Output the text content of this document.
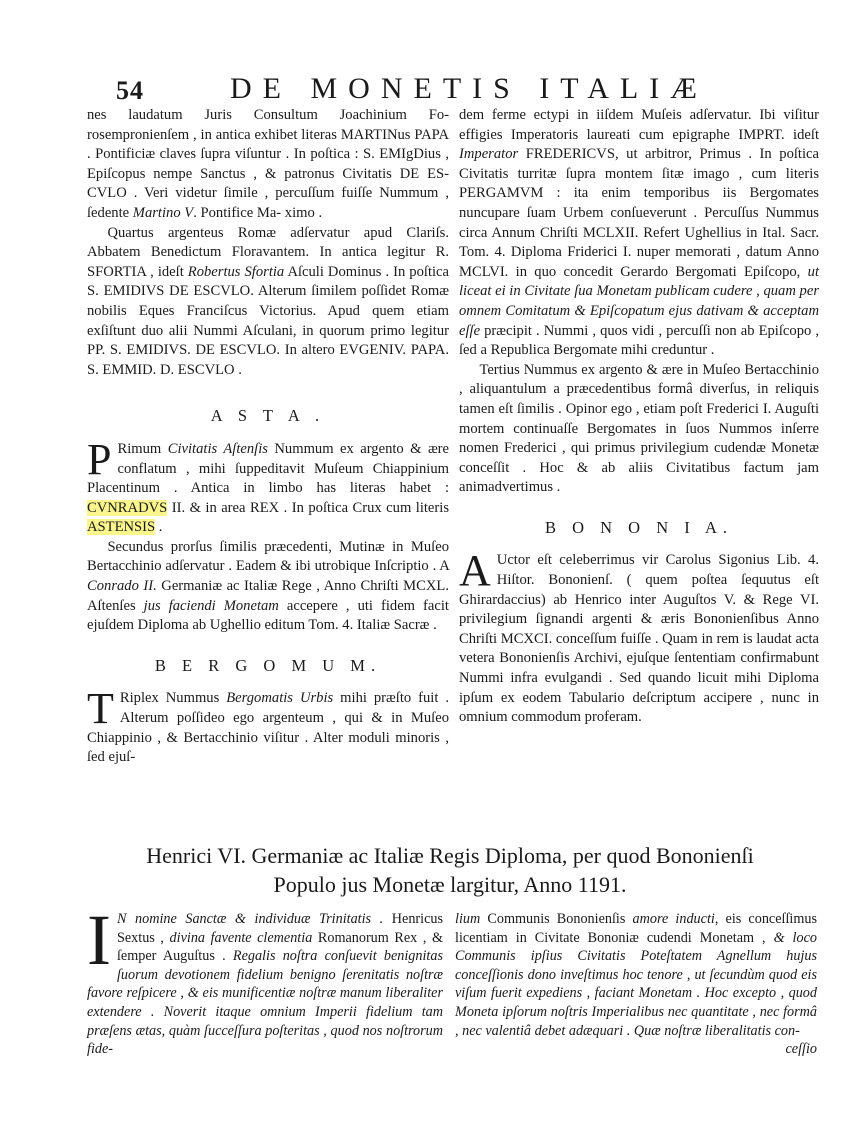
54	DE MONETIS ITALIÆ

nes laudatum Juris Consultum Joachinium Fo- rosempronienſem , in antica exhibet literas MARTINus PAPA . Pontificiæ claves ſupra viſuntur . In poſtica : S. EMIgDius , Epiſcopus nempe Sanctus , & patronus Civitatis DE ES-CVLO . Veri videtur ſimile , percuſſum fuiſſe Nummum , ſedente Martino V. Pontifice Ma- ximo .

Quartus argenteus Romæ adſervatur apud Clariſs. Abbatem Benedictum Floravantem. In antica legitur R. SFORTIA , ideſt Robertus Sfortia Aſculi Dominus . In poſtica S. EMIDIVS DE ESCVLO. Alterum ſimilem poſſidet Romæ nobilis Eques Franciſcus Victorius. Apud quem etiam exſiſtunt duo alii Nummi Aſculani, in quorum primo legitur PP. S. EMIDIVS. DE ESCVLO. In altero EVGENIV. PAPA. S. EMMID. D. ESCVLO .

A S T A .

P Rimum Civitatis Aſtenſis Nummum ex argento & ære conflatum , mihi ſuppeditavit Muſeum Chiappinium Placentinum . Antica in limbo has literas habet : CVNRADVS II. & in area REX . In poſtica Crux cum literis ASTENSIS .

Secundus prorſus ſimilis præcedenti, Mutinæ in Muſeo Bertacchinio adſervatur . Eadem & ibi utrobique Inſcriptio . A Conrado II. Germaniæ ac Italiæ Rege , Anno Chriſti MCXL. Aſtenſes jus faciendi Monetam accepere , uti fidem facit ejuſdem Diploma ab Ughellio editum Tom. 4. Italiæ Sacræ .

B E R G O M U M.

T Riplex Nummus Bergomatis Urbis mihi præſto fuit . Alterum poſſideo ego argenteum , qui & in Muſeo Chiappinio , & Bertacchinio viſitur . Alter moduli minoris , ſed ejuſ-

dem ferme ectypi in iiſdem Muſeis adſervatur. Ibi viſitur effigies Imperatoris laureati cum epigraphe IMPRT. ideſt Imperator FREDERICVS, ut arbitror, Primus . In poſtica Civitatis turritæ ſupra montem ſitæ imago , cum literis PERGAMVM : ita enim temporibus iis Bergomates nuncupare ſuam Urbem conſueverunt . Percuſſus Nummus circa Annum Chriſti MCLXII. Refert Ughellius in Ital. Sacr. Tom. 4. Diploma Friderici I. nuper memorati , datum Anno MCLVI. in quo concedit Gerardo Bergomati Epiſcopo, ut liceat ei in Civitate ſua Monetam publicam cudere , quam per omnem Comitatum & Epiſcopatum ejus dativam & acceptam eſſe præcipit . Nummi , quos vidi , percuſſi non ab Epiſcopo , ſed a Republica Bergomate mihi creduntur .

Tertius Nummus ex argento & ære in Muſeo Bertacchinio , aliquantulum a præcedentibus formâ diverſus, in reliquis tamen eſt ſimilis . Opinor ego , etiam poſt Frederici I. Auguſti mortem continuaſſe Bergomates in ſuos Nummos inſerre nomen Frederici , qui primus privilegium cudendæ Monetæ conceſſit . Hoc & ab aliis Civitatibus factum jam animadvertimus .

B O N O N I A.

A Uctor eſt celeberrimus vir Carolus Sigonius Lib. 4. Hiſtor. Bononienſ. ( quem poſtea ſequutus eſt Ghirardaccius) ab Henrico inter Auguſtos V. & Rege VI. privilegium ſignandi argenti & æris Bononienſibus Anno Chriſti MCXCI. conceſſum fuiſſe . Quam in rem is laudat acta vetera Bononienſis Archivi, ejuſque ſententiam confirmabunt Nummi infra evulgandi . Sed quando licuit mihi Diploma ipſum ex eodem Tabulario deſcriptum accipere , nunc in omnium commodum proferam.

Henrici VI. Germaniæ ac Italiæ Regis Diploma, per quod Bononienſi
Populo jus Monetæ largitur, Anno 1191.

I N nomine Sanctæ & individuæ Trinitatis . Henricus Sextus , divina favente clementia Romanorum Rex , & ſemper Auguſtus . Regalis noſtra conſuevit benignitas ſuorum devotionem fidelium benigno ſerenitatis noſtræ favore reſpicere , & eis munificentiæ noſtræ manum liberaliter extendere . Noverit itaque omnium Imperii fidelium tam præſens ætas, quàm ſucceſſura poſteritas , quod nos noſtrorum fide-

lium Communis Bononienſis amore inducti, eis conceſſimus licentiam in Civitate Bononiæ cudendi Monetam , & loco Communis ipſius Civitatis Poteſtatem Agnellum hujus conceſſionis dono inveſtimus hoc tenore , ut ſecundùm quod eis viſum fuerit expediens , faciant Monetam . Hoc excepto , quod Moneta ipſorum noſtris Imperialibus nec quantitate , nec formâ , nec valentiâ debet adæquari . Quæ noſtræ liberalitatis con-

ceſſio
